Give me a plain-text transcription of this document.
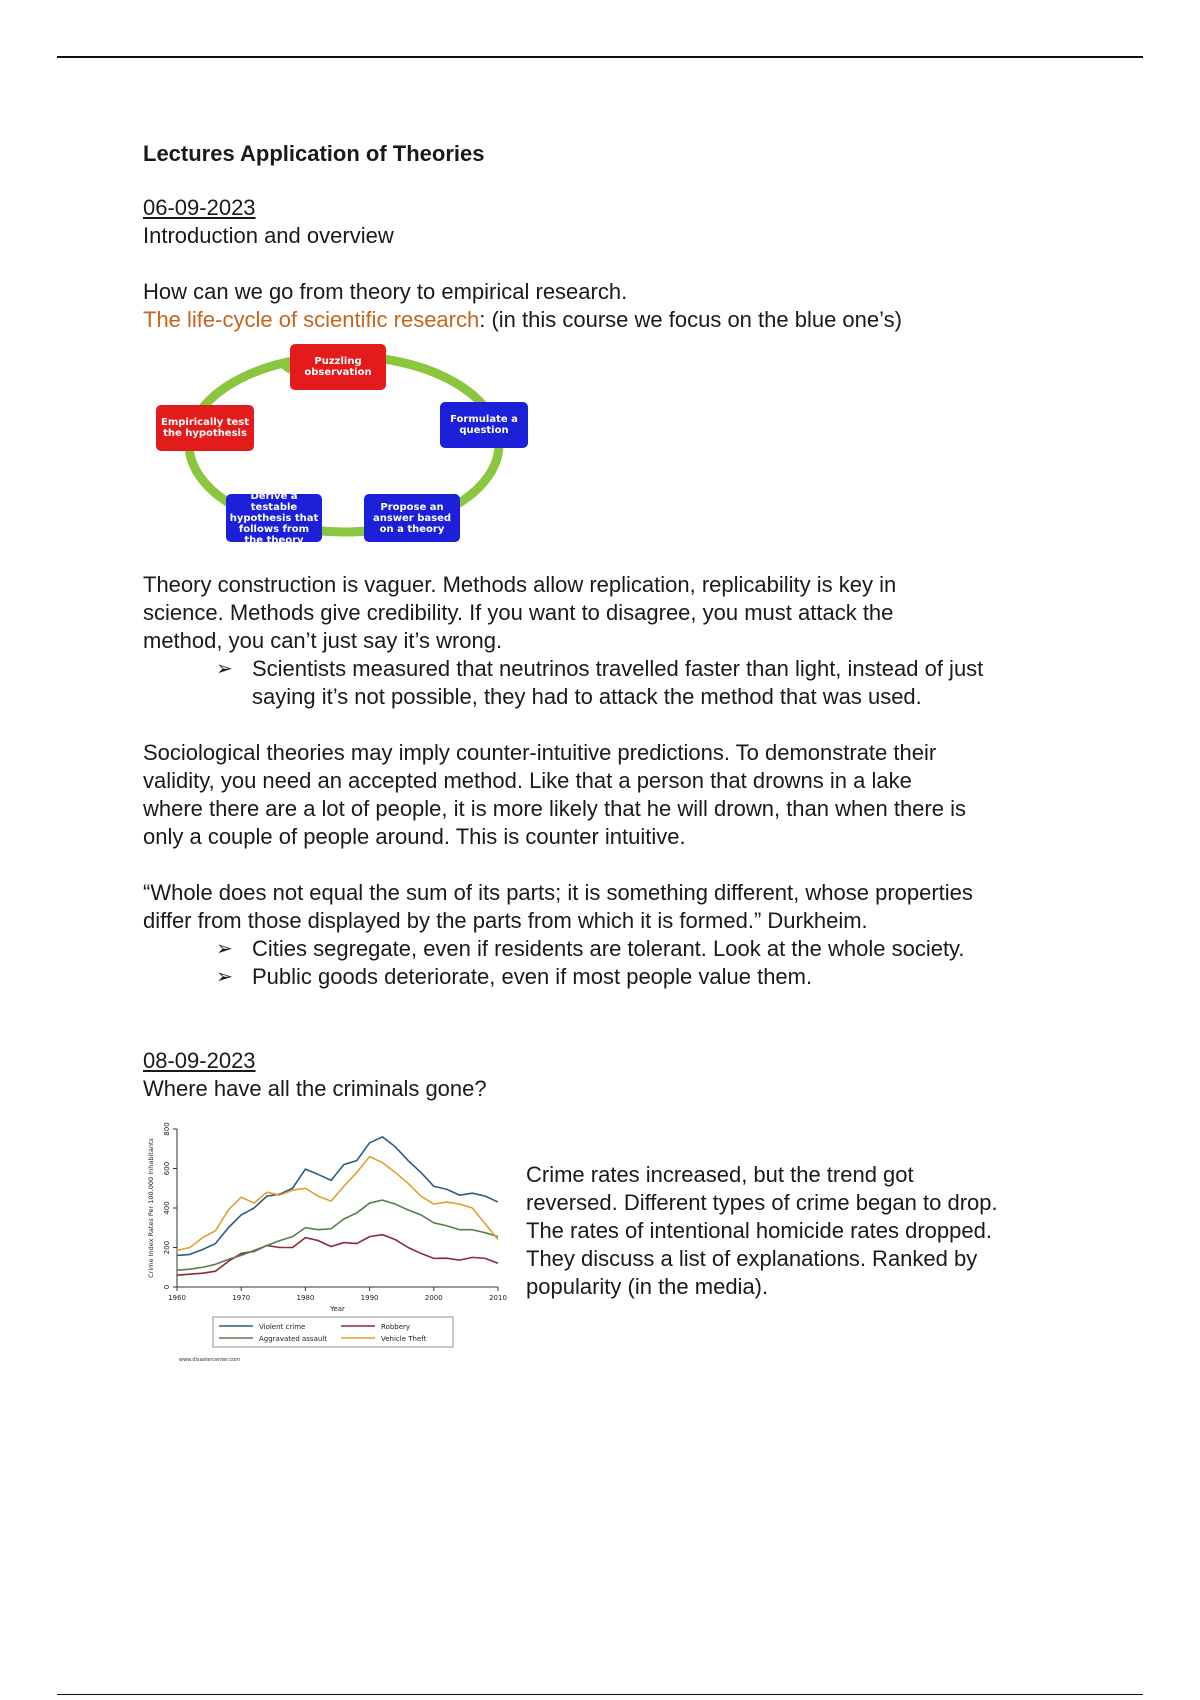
Lectures Application of Theories
06-09-2023
Introduction and overview
How can we go from theory to empirical research.
The life-cycle of scientific research: (in this course we focus on the blue one’s)
Puzzling observation
Formulate a question
Propose an answer based on a theory
Derive a testable hypothesis that follows from the theory
Empirically test the hypothesis

Theory construction is vaguer. Methods allow replication, replicability is key in
science. Methods give credibility. If you want to disagree, you must attack the
method, you can’t just say it’s wrong.

➢ Scientists measured that neutrinos travelled faster than light, instead of just
saying it’s not possible, they had to attack the method that was used.

Sociological theories may imply counter-intuitive predictions. To demonstrate their
validity, you need an accepted method. Like that a person that drowns in a lake
where there are a lot of people, it is more likely that he will drown, than when there is
only a couple of people around. This is counter intuitive.

“Whole does not equal the sum of its parts; it is something different, whose properties
differ from those displayed by the parts from which it is formed.” Durkheim.

➢ Cities segregate, even if residents are tolerant. Look at the whole society.
➢ Public goods deteriorate, even if most people value them.
08-09-2023
Where have all the criminals gone?
1960	1970	1980	1990	2000	2010
0
200
400
600
800
Year
Crime Index Rates Per 100,000 Inhabitants
Violent crime	Robbery
Aggravated assault	Vehicle Theft
www.disastercenter.com

Crime rates increased, but the trend got
reversed. Different types of crime began to drop.
The rates of intentional homicide rates dropped.
They discuss a list of explanations. Ranked by
popularity (in the media).
